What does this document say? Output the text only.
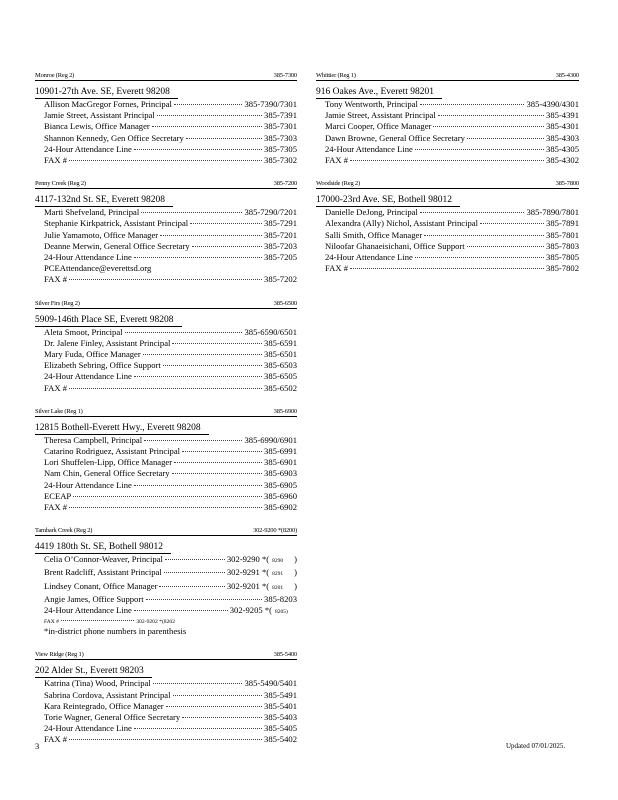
Monroe (Reg 2)	385-7300
10901-27th Ave. SE, Everett 98208
Allison MacGregor Fornes, Principal	385-7390/7301
Jamie Street, Assistant Principal	385-7391
Bianca Lewis, Office Manager	385-7301
Shannon Kennedy, Gen Office Secretary	385-7303
24-Hour Attendance Line	385-7305
FAX #	385-7302
Penny Creek (Reg 2)	385-7200
4117-132nd St. SE, Everett 98208
Marti Shefveland, Principal	385-7290/7201
Stephanie Kirkpatrick, Assistant Principal	385-7291
Julie Yamamoto, Office Manager	385-7201
Deanne Merwin, General Office Secretary	385-7203
24-Hour Attendance Line	385-7205
PCEAttendance@everettsd.org
FAX #	385-7202
Silver Firs (Reg 2)	385-6500
5909-146th Place SE, Everett 98208
Aleta Smoot, Principal	385-6590/6501
Dr. Jalene Finley, Assistant Principal	385-6591
Mary Fuda, Office Manager	385-6501
Elizabeth Sebring, Office Support	385-6503
24-Hour Attendance Line	385-6505
FAX #	385-6502
Silver Lake (Reg 1)	385-6900
12815 Bothell-Everett Hwy., Everett 98208
Theresa Campbell, Principal	385-6990/6901
Catarino Rodriguez, Assistant Principal	385-6991
Lori Shuffelen-Lipp, Office Manager	385-6901
Nam Chin, General Office Secretary	385-6903
24-Hour Attendance Line	385-6905
ECEAP	385-6960
FAX #	385-6902
Tambark Creek (Reg 2)	302-9200 *(8200)
4419 180th St. SE, Bothell 98012
Celia O’Connor-Weaver, Principal	302-9290 *( 8290	)
Brent Radcliff, Assistant Principal	302-9291 *( 8291	)
Lindsey Conant, Office Manager	302-9201 *( 8201	)
Angie James, Office Support	385-8203
24-Hour Attendance Line	302-9205 *( 8205)
FAX #	302-9202 *(8202
*in-district phone numbers in parenthesis
View Ridge (Reg 1)	385-5400
202 Alder St., Everett 98203
Katrina (Tina) Wood, Principal	385-5490/5401
Sabrina Cordova, Assistant Principal	385-5491
Kara Reintegrado, Office Manager	385-5401
Torie Wagner, General Office Secretary	385-5403
24-Hour Attendance Line	385-5405
FAX #	385-5402
Whittier (Reg 1)	385-4300
916 Oakes Ave., Everett 98201
Tony Wentworth, Principal	385-4390/4301
Jamie Street, Assistant Principal	385-4391
Marci Cooper, Office Manager	385-4301
Dawn Browne, General Office Secretary	385-4303
24-Hour Attendance Line	385-4305
FAX #	385-4302
Woodside (Reg 2)	385-7800
17000-23rd Ave. SE, Bothell 98012
Danielle DeJong, Principal	385-7890/7801
Alexandra (Ally) Nichol, Assistant Principal	385-7891
Salli Smith, Office Manager	385-7801
Niloofar Ghanaeisichani, Office Support	385-7803
24-Hour Attendance Line	385-7805
FAX #	385-7802
3	Updated 07/01/2025.
